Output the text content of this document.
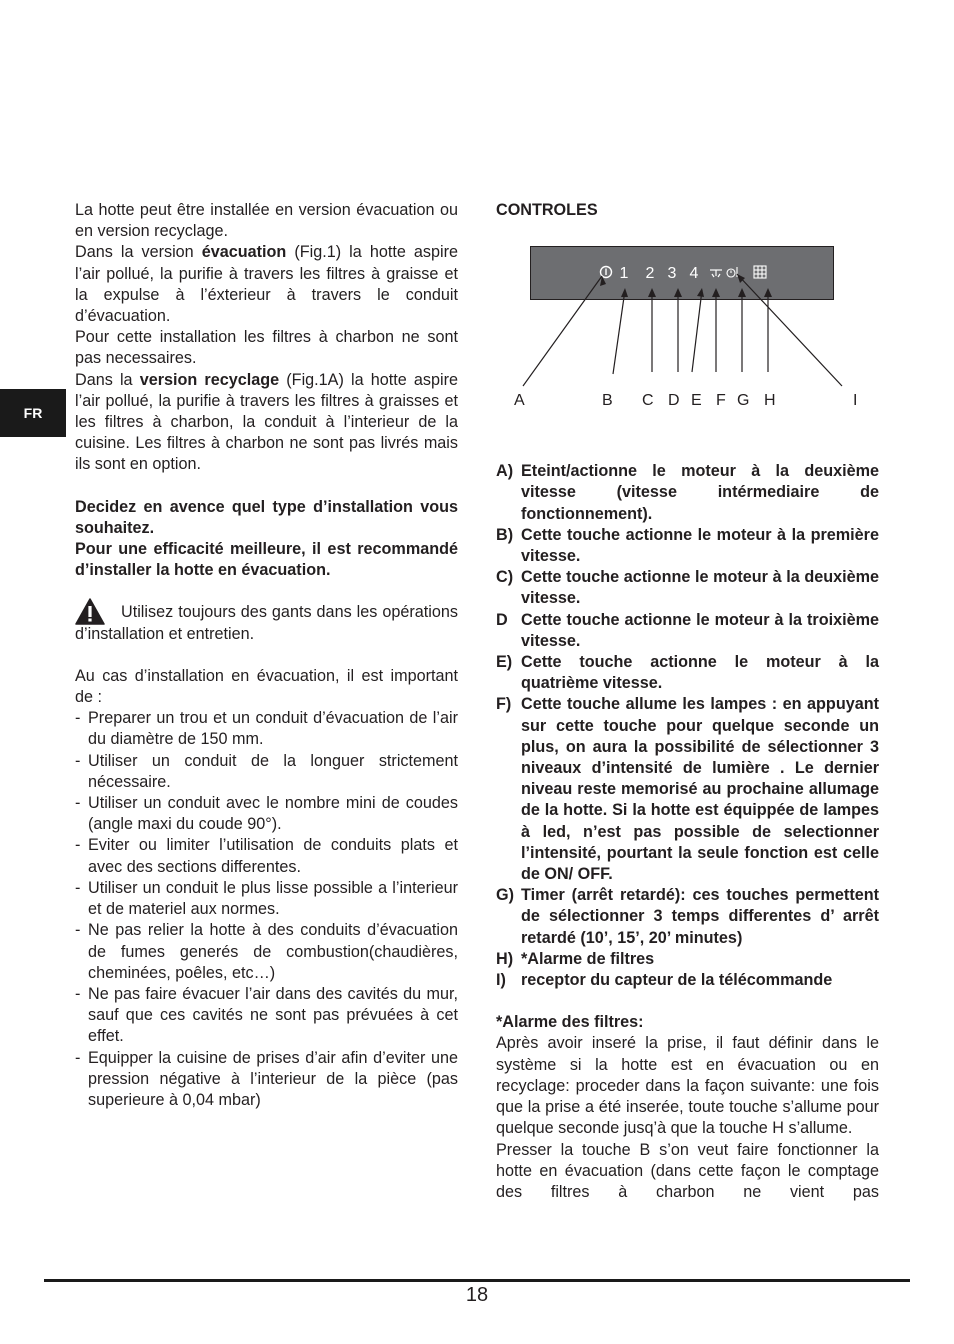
FR

La hotte peut être installée en version évacuation ou en version recyclage.

Dans la version évacuation (Fig.1) la hotte aspire l’air pollué, la purifie à travers les filtres à graisse et la expulse à l’éxterieur à travers le conduit d’évacuation.

Pour cette installation les filtres à charbon ne sont pas necessaires.

Dans la version recyclage (Fig.1A) la hotte aspire l’air pollué, la purifie à travers les filtres à graisses et les filtres à charbon, la conduit à l’interieur de la cuisine. Les filtres à charbon ne sont pas livrés mais ils sont en option.

Decidez en avence quel type d’installation vous souhaitez.

Pour une efficacité meilleure, il est recommandé d’installer la hotte en évacuation.

Utilisez toujours des gants dans les opérations d’installation et entretien.

Au cas d’installation en évacuation, il est important de :

- Preparer un trou et un conduit d’évacuation de l’air du diamètre de 150 mm.
- Utiliser un conduit de la longuer strictement nécessaire.
- Utiliser un conduit avec le nombre mini de coudes (angle maxi du coude 90°).
- Eviter ou limiter l’utilisation de conduits plats et avec des sections differentes.
- Utiliser un conduit le plus lisse possible a l’interieur et de materiel aux normes.
- Ne pas relier la hotte à des conduits d’évacuation de fumes generés de combustion(chaudières, cheminées, poêles, etc…)
- Ne pas faire évacuer l’air dans des cavités du mur, sauf que ces cavités ne sont pas prévuées à cet effet.
- Equipper la cuisine de prises d’air afin d’eviter une pression négative à l’interieur de la pièce (pas superieure à 0,04 mbar)

CONTROLES

1 2 3 4
A	B C D E F G H	I
A) Eteint/actionne le moteur à la deuxième vitesse (vitesse intérmediaire de fonctionnement).
B) Cette touche actionne le moteur à la première vitesse.
C) Cette touche actionne le moteur à la deuxième vitesse.
D Cette touche actionne le moteur à la troixième vitesse.
E) Cette touche actionne le moteur à la quatrième vitesse.
F) Cette touche allume les lampes : en appuyant sur cette touche pour quelque seconde un plus, on aura la possibilité de sélectionner 3 niveaux d’intensité de lumière . Le dernier niveau reste memorisé au prochaine allumage de la hotte. Si la hotte est équippée de lampes à led, n’est pas possible de selectionner l’intensité, pourtant la seule fonction est celle de ON/ OFF.
G) Timer (arrêt retardé): ces touches permettent de sélectionner 3 temps differentes d’ arrêt retardé (10’, 15’, 20’ minutes)
H) *Alarme de filtres
I) receptor du capteur de la télécommande

*Alarme des filtres:

Après avoir inseré la prise, il faut définir dans le système si la hotte est en évacuation ou en recyclage: proceder dans la façon suivante: une fois que la prise a été inserée, toute touche s’allume pour quelque seconde jusq’à que la touche H s’allume.

Presser la touche B s’on veut faire fonctionner la hotte en évacuation (dans cette façon le comptage des filtres à charbon ne vient pas

18
